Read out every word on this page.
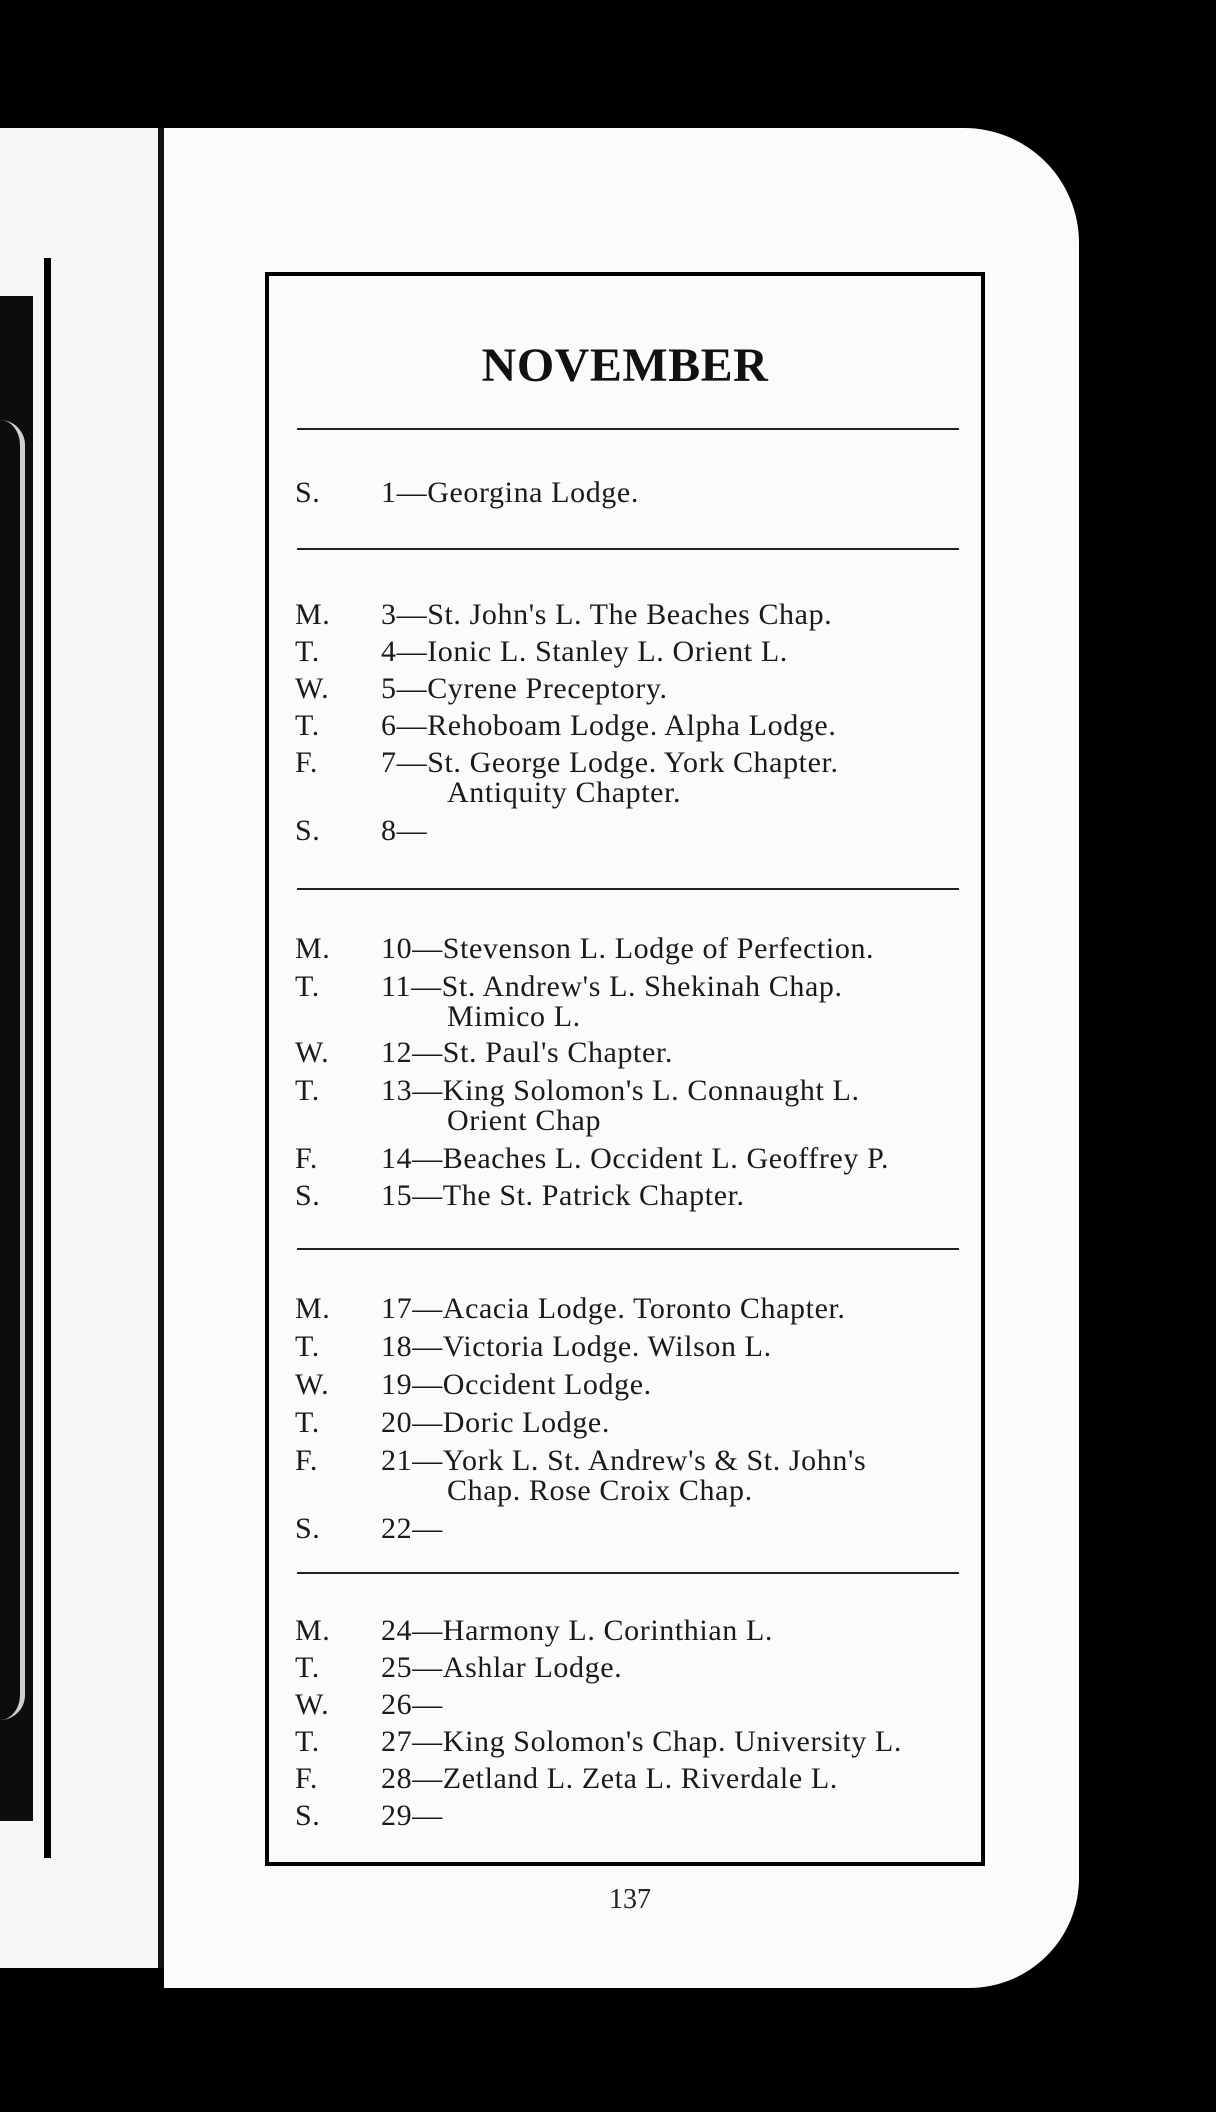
NOVEMBER
S.	1—Georgina Lodge.
M.	3—St. John's L. The Beaches Chap.
T.	4—Ionic L. Stanley L. Orient L.
W.	5—Cyrene Preceptory.
T.	6—Rehoboam Lodge. Alpha Lodge.
F.	7—St. George Lodge. York Chapter.
Antiquity Chapter.
S.	8—
M.	10—Stevenson L. Lodge of Perfection.
T.	11—St. Andrew's L. Shekinah Chap.
Mimico L.
W.	12—St. Paul's Chapter.
T.	13—King Solomon's L. Connaught L.
Orient Chap
F.	14—Beaches L. Occident L. Geoffrey P.
S.	15—The St. Patrick Chapter.
M.	17—Acacia Lodge. Toronto Chapter.
T.	18—Victoria Lodge. Wilson L.
W.	19—Occident Lodge.
T.	20—Doric Lodge.
F.	21—York L. St. Andrew's & St. John's
Chap. Rose Croix Chap.
S.	22—
M.	24—Harmony L. Corinthian L.
T.	25—Ashlar Lodge.
W.	26—
T.	27—King Solomon's Chap. University L.
F.	28—Zetland L. Zeta L. Riverdale L.
S.	29—
137
